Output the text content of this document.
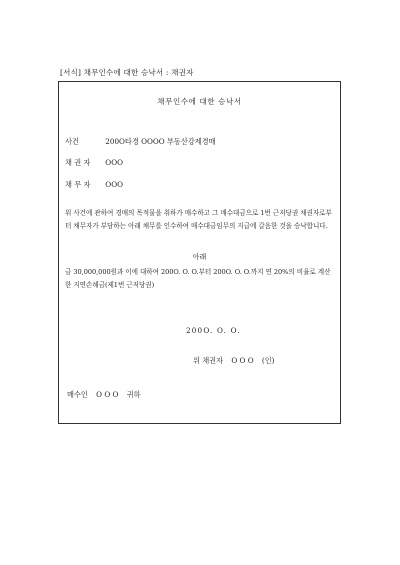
[서식] 채무인수에 대한 승낙서 : 채권자
채무인수에 대한 승낙서
사건	200O타경 OOOO 부동산강제경매
채 권 자 OOO
채 무 자 OOO
위 사건에 관하여 경매의 목적물을 취하가 매수하고 그 매수대금으로 1번 근저당권 채권자로부터 채무자가 부담하는 아래 채무를 인수하여 매수대금임무의 지급에 갈음한 것을 승낙합니다.
아래
금 30,000,000원과 이에 대하여 200O. O. O.부터 200O. O. O.까지 연 20%의 비율로 계산한 지연손해금(제1번 근저당권)
200O. O. O.
위 채권자 O O O (인)
매수인 O O O 귀하
